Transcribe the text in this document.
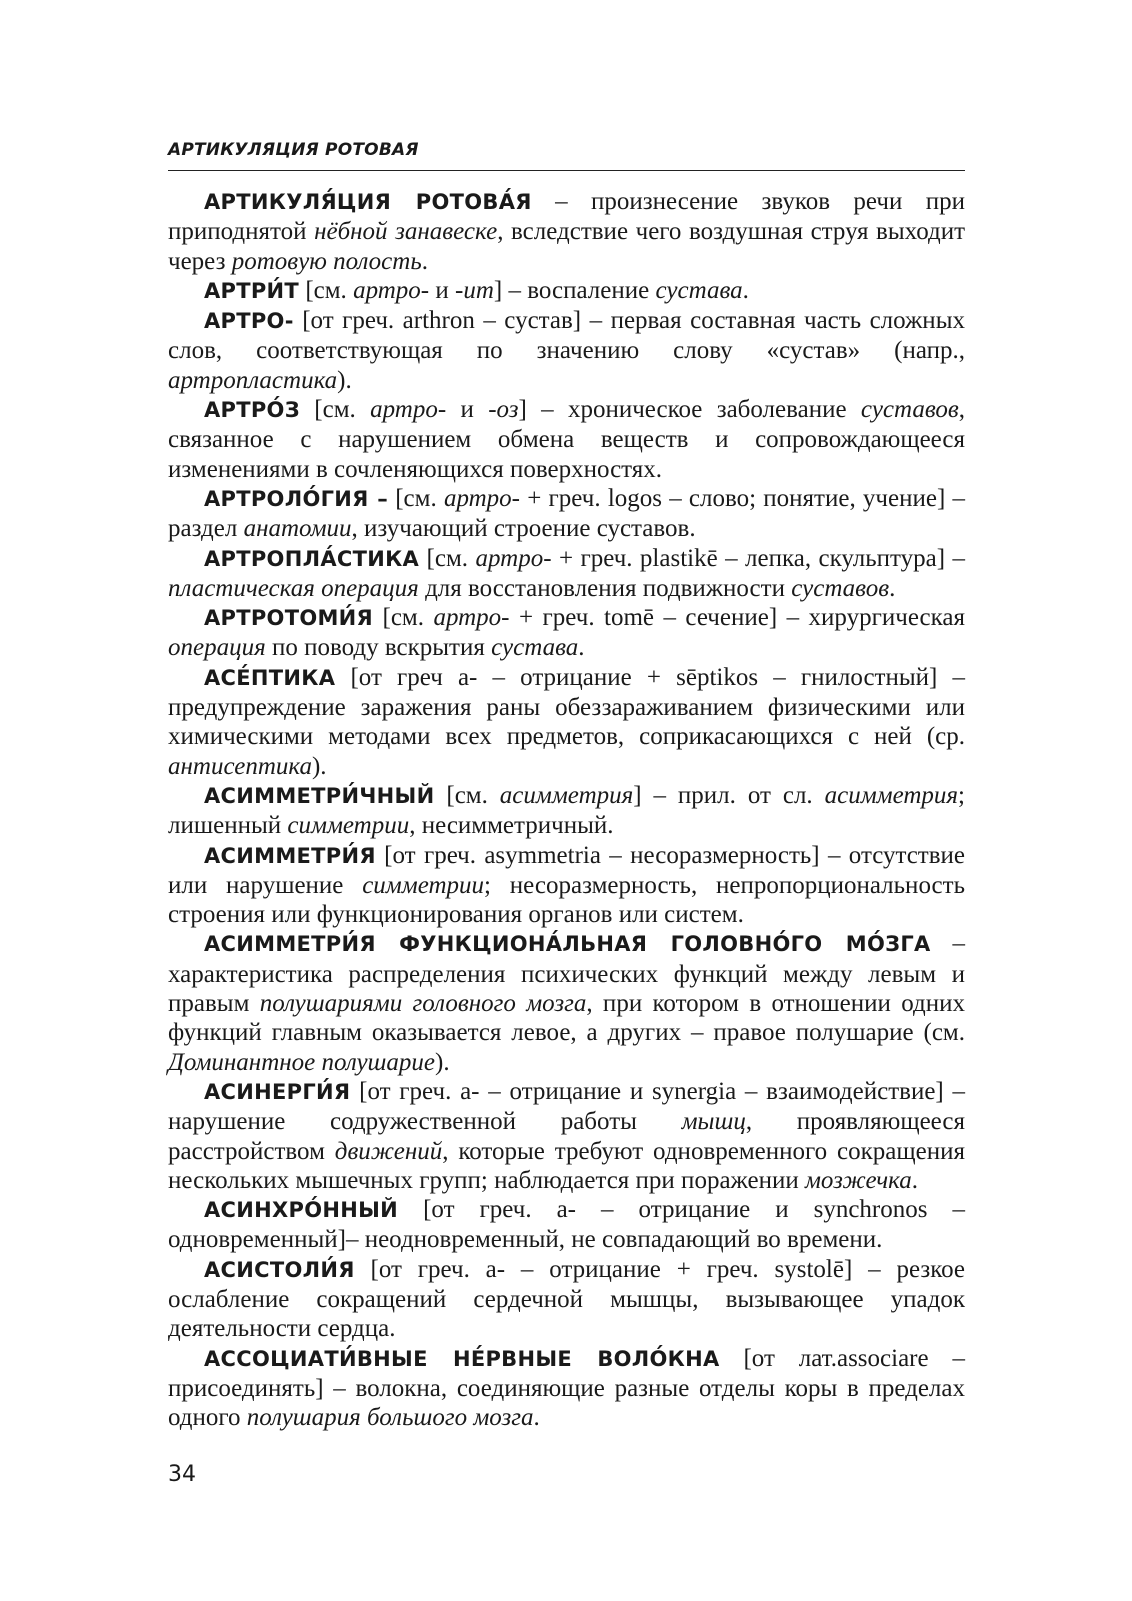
АРТИКУЛЯЦИЯ РОТОВАЯ

АРТИКУЛЯ́ЦИЯ РОТОВА́Я – произнесение звуков речи при приподнятой нёбной занавеске, вследствие чего воздушная струя выходит через ротовую полость.

АРТРИ́Т [см. артро- и -ит] – воспаление сустава.

АРТРО- [от греч. arthron – сустав] – первая составная часть сложных слов, соответствующая по значению слову «сустав» (напр., артропластика).

АРТРО́З [см. артро- и -оз] – хроническое заболевание суставов, связанное с нарушением обмена веществ и сопровождающееся изменениями в сочленяющихся поверхностях.

АРТРОЛО́ГИЯ – [см. артро- + греч. logos – слово; понятие, учение] – раздел анатомии, изучающий строение суставов.

АРТРОПЛА́СТИКА [см. артро- + греч. plastikē – лепка, скульптура] – пластическая операция для восстановления подвижности суставов.

АРТРОТОМИ́Я [см. артро- + греч. tomē – сечение] – хирургическая операция по поводу вскрытия сустава.

АСЕ́ПТИКА [от греч а- – отрицание + sēptikos – гнилостный] – предупреждение заражения раны обеззараживанием физическими или химическими методами всех предметов, соприкасающихся с ней (ср. антисептика).

АСИММЕТРИ́ЧНЫЙ [см. асимметрия] – прил. от сл. асимметрия; лишенный симметрии, несимметричный.

АСИММЕТРИ́Я [от греч. asymmetria – несоразмерность] – отсутствие или нарушение симметрии; несоразмерность, непропорциональность строения или функционирования органов или систем.

АСИММЕТРИ́Я ФУНКЦИОНА́ЛЬНАЯ ГОЛОВНО́ГО МО́ЗГА – характеристика распределения психических функций между левым и правым полушариями головного мозга, при котором в отношении одних функций главным оказывается левое, а других – правое полушарие (см. Доминантное полушарие).

АСИНЕРГИ́Я [от греч. а- – отрицание и synergia – взаимодействие] – нарушение содружественной работы мышц, проявляющееся расстройством движений, которые требуют одновременного сокращения нескольких мышечных групп; наблюдается при поражении мозжечка.

АСИНХРО́ННЫЙ [от греч. а- – отрицание и synchronos – одновременный]– неодновременный, не совпадающий во времени.

АСИСТОЛИ́Я [от греч. а- – отрицание + греч. systolē] – резкое ослабление сокращений сердечной мышцы, вызывающее упадок деятельности сердца.

АССОЦИАТИ́ВНЫЕ НЕ́РВНЫЕ ВОЛО́КНА [от лат.associare – присоединять] – волокна, соединяющие разные отделы коры в пределах одного полушария большого мозга.

34
